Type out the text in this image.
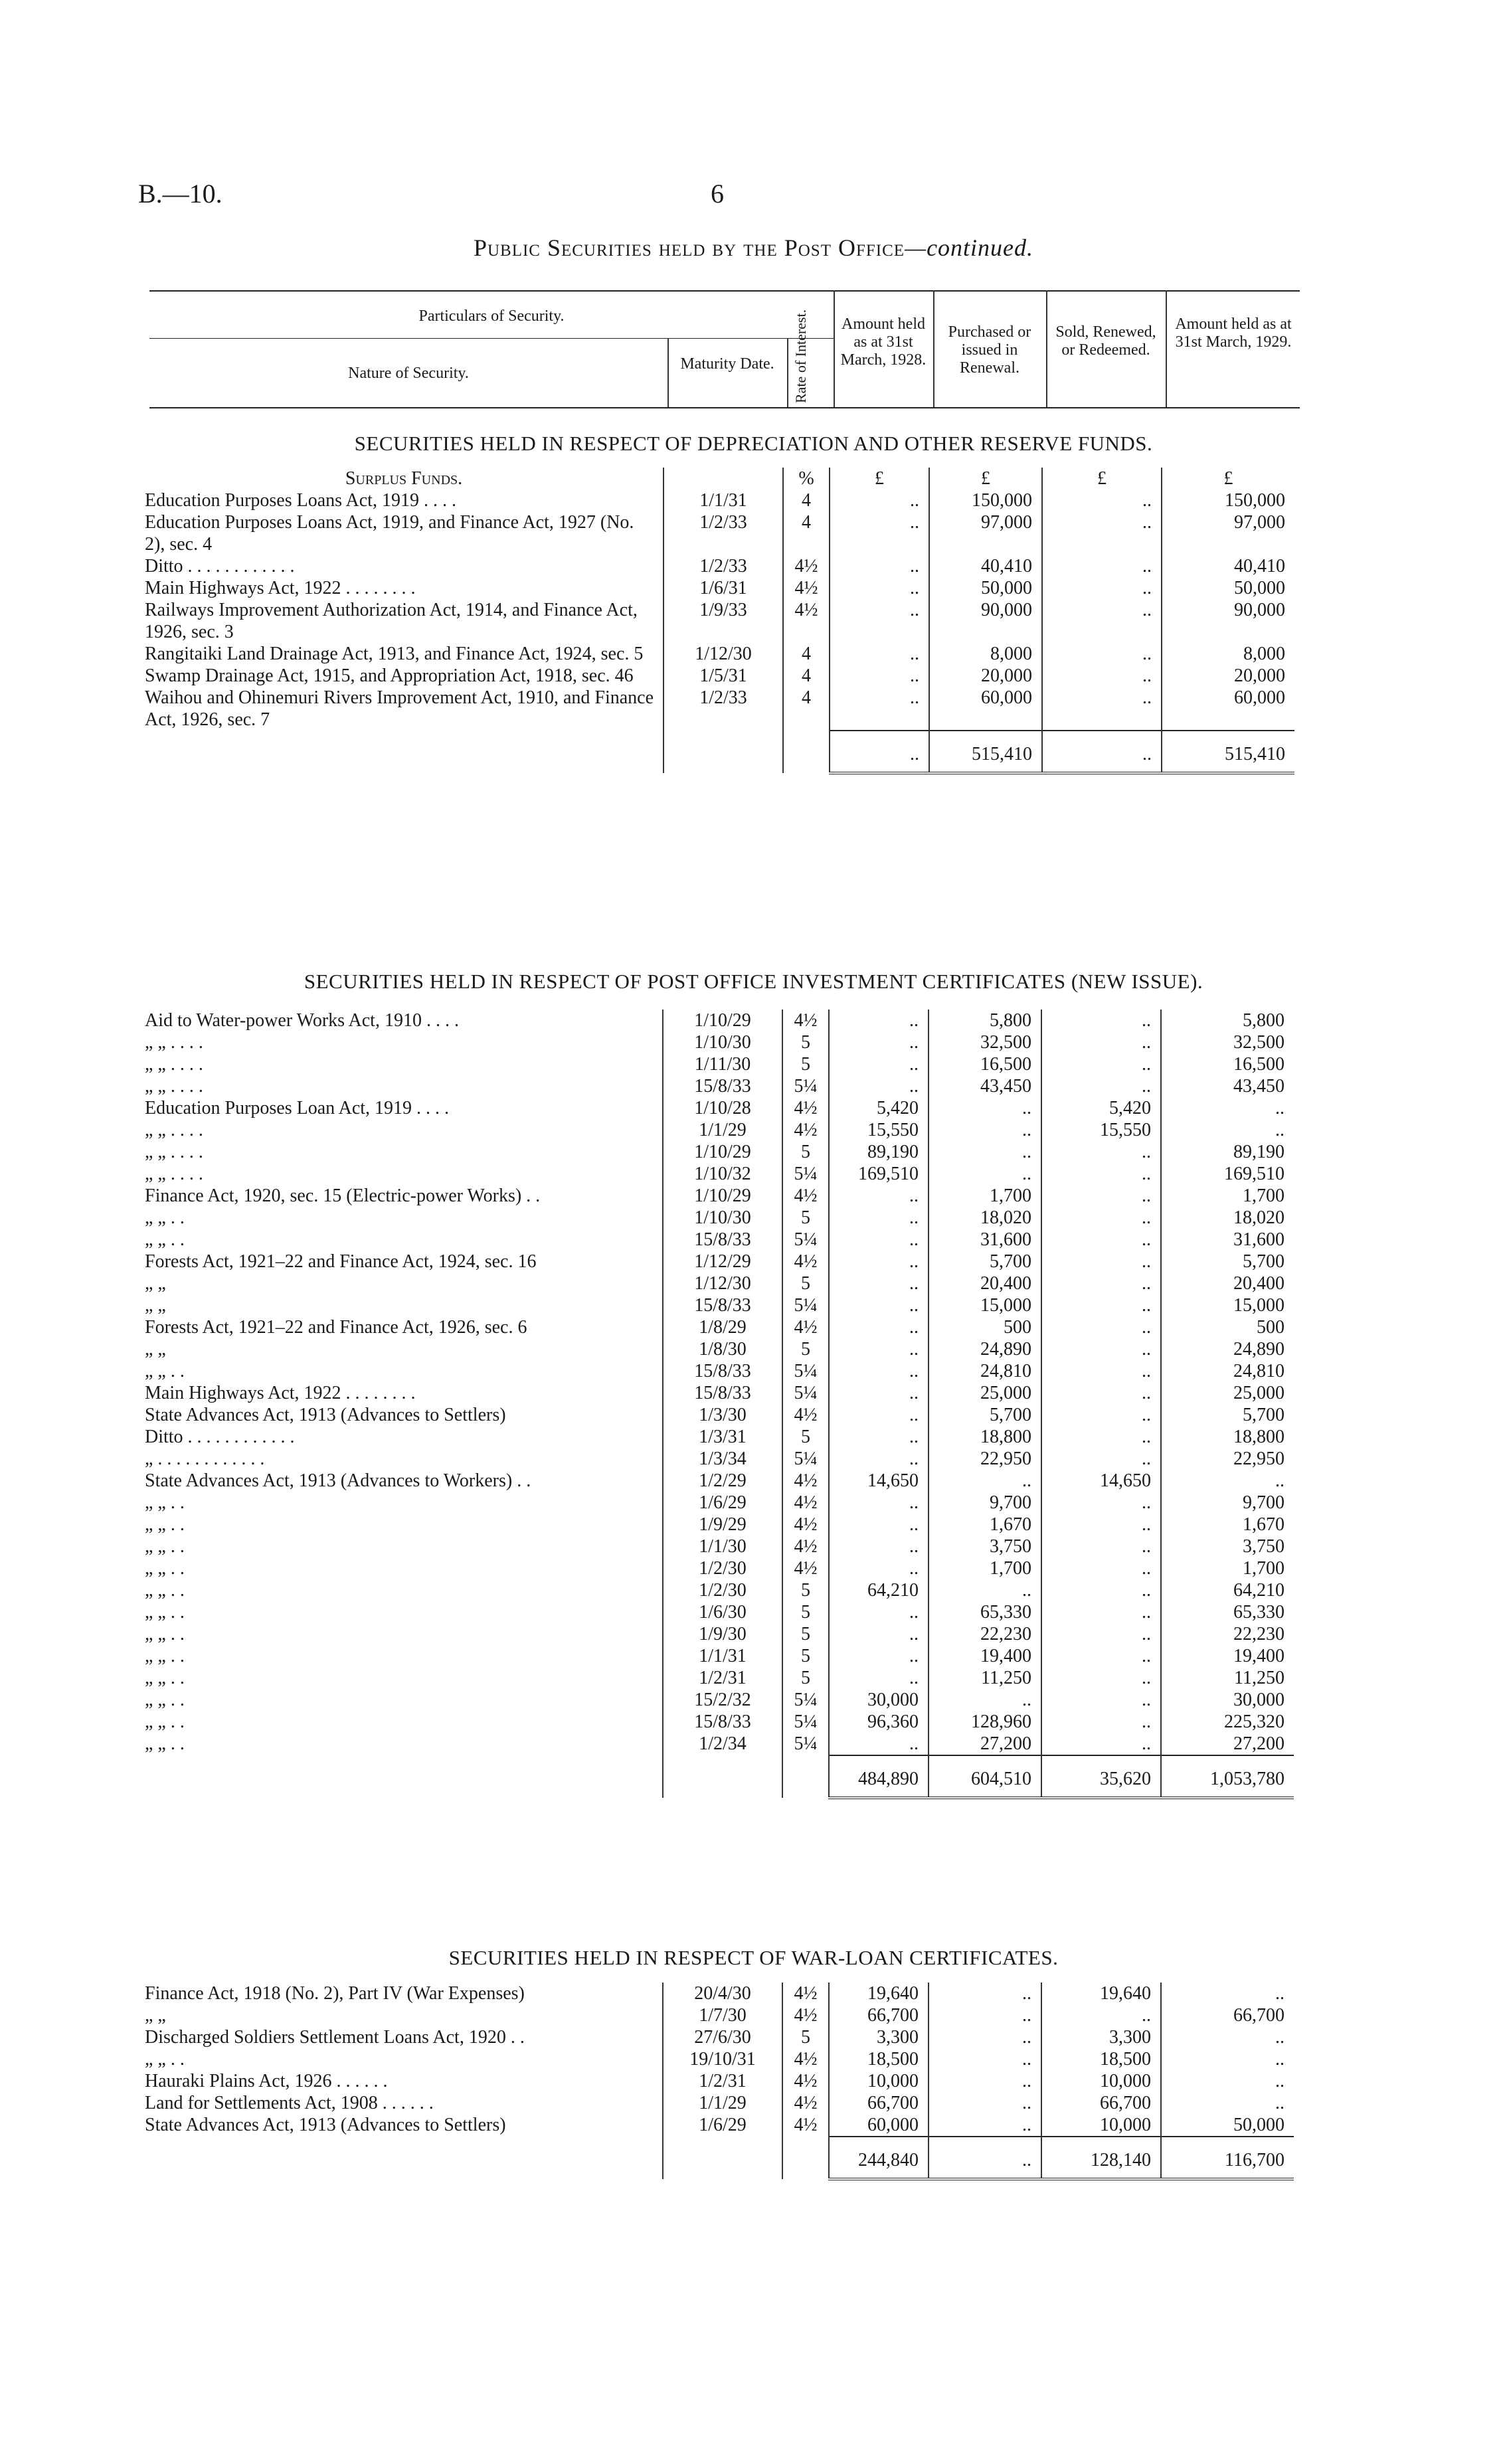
B.—10.	6
Public Securities held by the Post Office—continued.
Particulars of Security.
Nature of Security.
Maturity Date.	Rate of Interest.	Amount held as at 31st March, 1928.
Purchased or issued in Renewal.
Sold, Renewed, or Redeemed.
Amount held as at 31st March, 1929.
SECURITIES HELD IN RESPECT OF DEPRECIATION AND OTHER RESERVE FUNDS.
Surplus Funds.		%	£	£	£	£
Education Purposes Loans Act, 1919 . . . .	1/1/31	4	..	150,000	..	150,000
Education Purposes Loans Act, 1919, and Finance Act, 1927 (No. 2), sec. 4	1/2/33	4	..	97,000	..	97,000
Ditto . . . . . . . . . . . .	1/2/33	4½	..	40,410	..	40,410
Main Highways Act, 1922 . . . . . . . .	1/6/31	4½	..	50,000	..	50,000
Railways Improvement Authorization Act, 1914, and Finance Act, 1926, sec. 3	1/9/33	4½	..	90,000	..	90,000
Rangitaiki Land Drainage Act, 1913, and Finance Act, 1924, sec. 5	1/12/30	4	..	8,000	..	8,000
Swamp Drainage Act, 1915, and Appropriation Act, 1918, sec. 46	1/5/31	4	..	20,000	..	20,000
Waihou and Ohinemuri Rivers Improvement Act, 1910, and Finance Act, 1926, sec. 7	1/2/33	4	..	60,000	..	60,000
			..	515,410	..	515,410
SECURITIES HELD IN RESPECT OF POST OFFICE INVESTMENT CERTIFICATES (NEW ISSUE).
Aid to Water-power Works Act, 1910 . . . .	1/10/29	4½	..	5,800	..	5,800
„ „ . . . .	1/10/30	5	..	32,500	..	32,500
„ „ . . . .	1/11/30	5	..	16,500	..	16,500
„ „ . . . .	15/8/33	5¼	..	43,450	..	43,450
Education Purposes Loan Act, 1919 . . . .	1/10/28	4½	5,420	..	5,420	..
„ „ . . . .	1/1/29	4½	15,550	..	15,550	..
„ „ . . . .	1/10/29	5	89,190	..	..	89,190
„ „ . . . .	1/10/32	5¼	169,510	..	..	169,510
Finance Act, 1920, sec. 15 (Electric-power Works) . .	1/10/29	4½	..	1,700	..	1,700
„ „ . .	1/10/30	5	..	18,020	..	18,020
„ „ . .	15/8/33	5¼	..	31,600	..	31,600
Forests Act, 1921–22 and Finance Act, 1924, sec. 16	1/12/29	4½	..	5,700	..	5,700
„ „	1/12/30	5	..	20,400	..	20,400
„ „	15/8/33	5¼	..	15,000	..	15,000
Forests Act, 1921–22 and Finance Act, 1926, sec. 6	1/8/29	4½	..	500	..	500
„ „	1/8/30	5	..	24,890	..	24,890
„ „ . .	15/8/33	5¼	..	24,810	..	24,810
Main Highways Act, 1922 . . . . . . . .	15/8/33	5¼	..	25,000	..	25,000
State Advances Act, 1913 (Advances to Settlers)	1/3/30	4½	..	5,700	..	5,700
Ditto . . . . . . . . . . . .	1/3/31	5	..	18,800	..	18,800
„ . . . . . . . . . . . .	1/3/34	5¼	..	22,950	..	22,950
State Advances Act, 1913 (Advances to Workers) . .	1/2/29	4½	14,650	..	14,650	..
„ „ . .	1/6/29	4½	..	9,700	..	9,700
„ „ . .	1/9/29	4½	..	1,670	..	1,670
„ „ . .	1/1/30	4½	..	3,750	..	3,750
„ „ . .	1/2/30	4½	..	1,700	..	1,700
„ „ . .	1/2/30	5	64,210	..	..	64,210
„ „ . .	1/6/30	5	..	65,330	..	65,330
„ „ . .	1/9/30	5	..	22,230	..	22,230
„ „ . .	1/1/31	5	..	19,400	..	19,400
„ „ . .	1/2/31	5	..	11,250	..	11,250
„ „ . .	15/2/32	5¼	30,000	..	..	30,000
„ „ . .	15/8/33	5¼	96,360	128,960	..	225,320
„ „ . .	1/2/34	5¼	..	27,200	..	27,200
			484,890	604,510	35,620	1,053,780
SECURITIES HELD IN RESPECT OF WAR-LOAN CERTIFICATES.
Finance Act, 1918 (No. 2), Part IV (War Expenses)	20/4/30	4½	19,640	..	19,640	..
„ „	1/7/30	4½	66,700	..	..	66,700
Discharged Soldiers Settlement Loans Act, 1920 . .	27/6/30	5	3,300	..	3,300	..
„ „ . .	19/10/31	4½	18,500	..	18,500	..
Hauraki Plains Act, 1926 . . . . . .	1/2/31	4½	10,000	..	10,000	..
Land for Settlements Act, 1908 . . . . . .	1/1/29	4½	66,700	..	66,700	..
State Advances Act, 1913 (Advances to Settlers)	1/6/29	4½	60,000	..	10,000	50,000
			244,840	..	128,140	116,700
